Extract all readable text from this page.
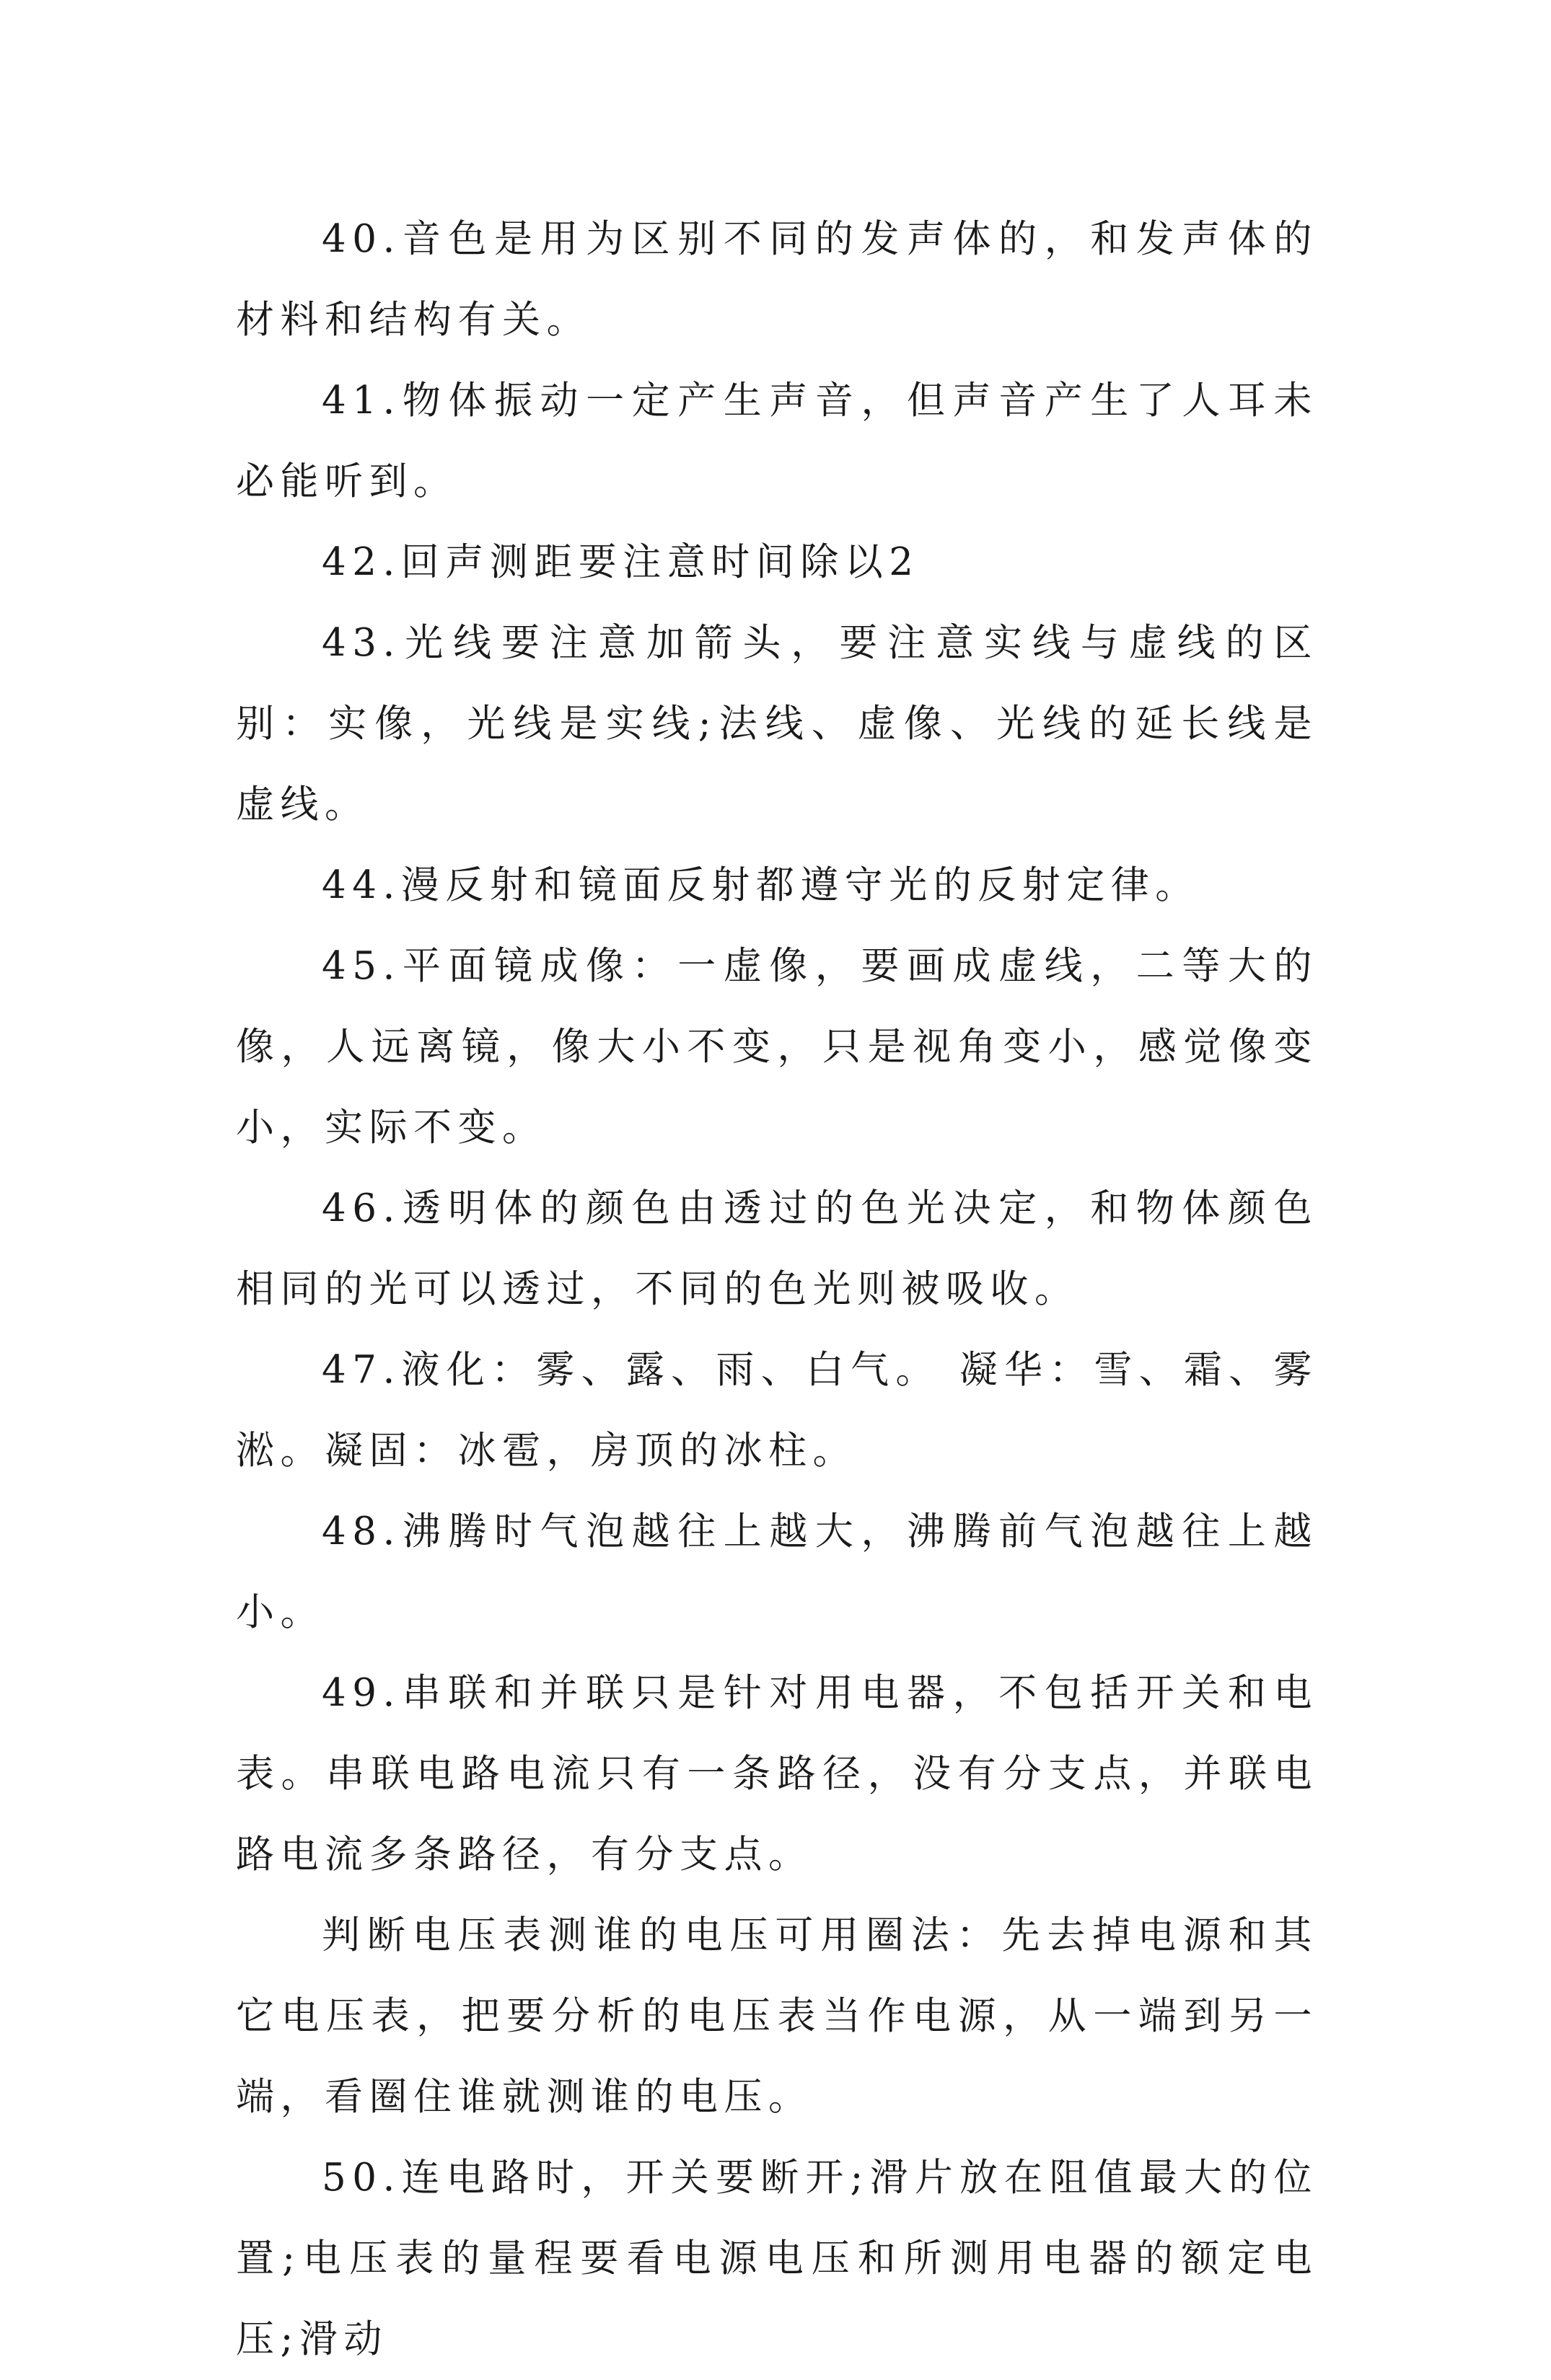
40.音色是用为区别不同的发声体的，和发声体的材料和结构有关。

41.物体振动一定产生声音，但声音产生了人耳未必能听到。

42.回声测距要注意时间除以2

43.光线要注意加箭头，要注意实线与虚线的区别：实像，光线是实线;法线、虚像、光线的延长线是虚线。

44.漫反射和镜面反射都遵守光的反射定律。

45.平面镜成像：一虚像，要画成虚线，二等大的像，人远离镜，像大小不变，只是视角变小，感觉像变小，实际不变。

46.透明体的颜色由透过的色光决定，和物体颜色相同的光可以透过，不同的色光则被吸收。

47.液化：雾、露、雨、白气。 凝华：雪、霜、雾淞。凝固：冰雹，房顶的冰柱。

48.沸腾时气泡越往上越大，沸腾前气泡越往上越小。

49.串联和并联只是针对用电器，不包括开关和电表。串联电路电流只有一条路径，没有分支点，并联电路电流多条路径，有分支点。

判断电压表测谁的电压可用圈法：先去掉电源和其它电压表，把要分析的电压表当作电源，从一端到另一端，看圈住谁就测谁的电压。

50.连电路时，开关要断开;滑片放在阻值最大的位置;电压表的量程要看电源电压和所测用电器的额定电压;滑动
